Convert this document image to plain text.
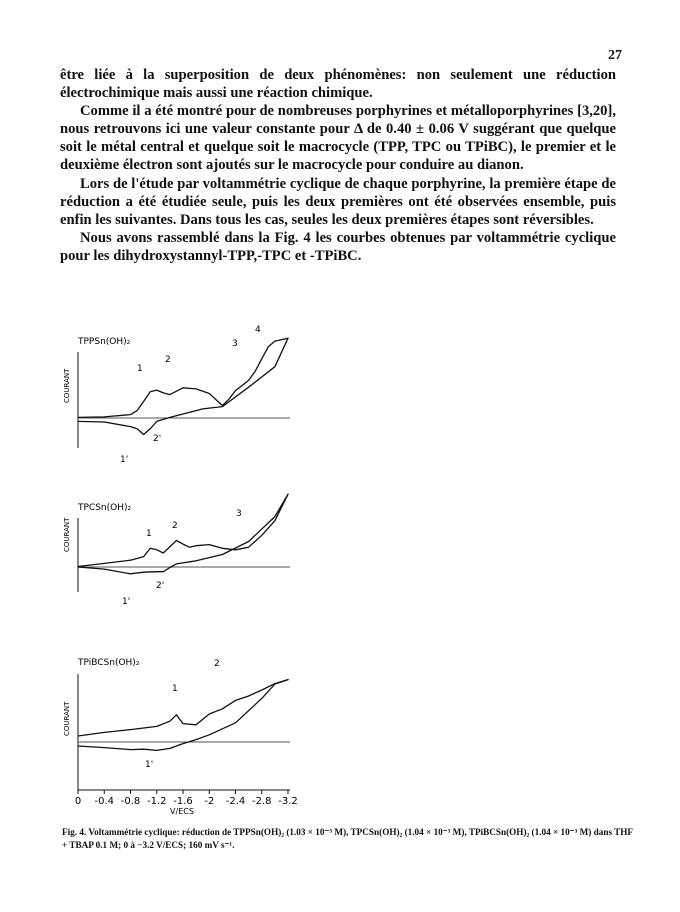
27

être liée à la superposition de deux phénomènes: non seulement une réduction électrochimique mais aussi une réaction chimique.

Comme il a été montré pour de nombreuses porphyrines et métalloporphyrines [3,20], nous retrouvons ici une valeur constante pour Δ de 0.40 ± 0.06 V suggérant que quelque soit le métal central et quelque soit le macrocycle (TPP, TPC ou TPiBC), le premier et le deuxième électron sont ajoutés sur le macrocycle pour conduire au dianon.

Lors de l'étude par voltammétrie cyclique de chaque porphyrine, la première étape de réduction a été étudiée seule, puis les deux premières ont été observées ensemble, puis enfin les suivantes. Dans tous les cas, seules les deux premières étapes sont réversibles.

Nous avons rassemblé dans la Fig. 4 les courbes obtenues par voltammétrie cyclique pour les dihydroxystannyl-TPP,-TPC et -TPiBC.

TPPSn(OH)₂
COURANT	1
2
3
4
1'
2'
TPCSn(OH)₂
COURANT	1
2
3
1'
2'
TPiBCSn(OH)₂
COURANT
1
2
1'
0 -0.4 -0.8 -1.2 -1.6 -2 -2.4 -2.8 -3.2
V/ECS

Fig. 4. Voltammétrie cyclique: réduction de TPPSn(OH)₂ (1.03 × 10⁻³ M), TPCSn(OH)₂ (1.04 × 10⁻³ M), TPiBCSn(OH)₂ (1.04 × 10⁻³ M) dans THF + TBAP 0.1 M; 0 à −3.2 V/ECS; 160 mV s⁻¹.
